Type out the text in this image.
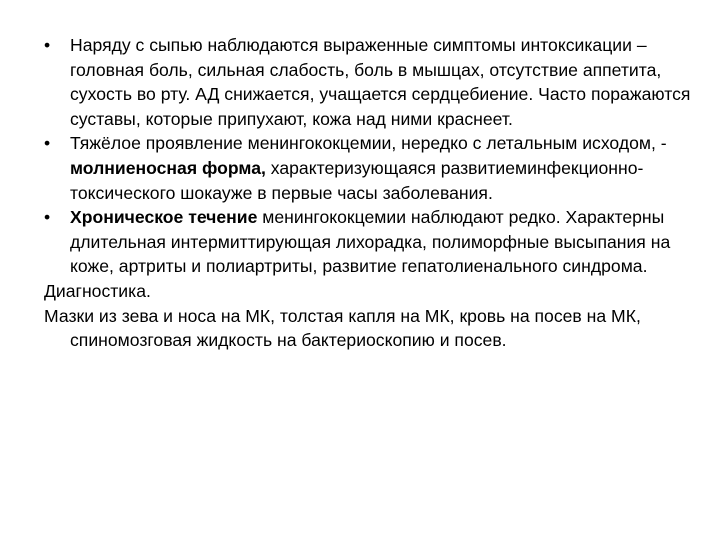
•	Наряду с сыпью наблюдаются выраженные симптомы интоксикации – головная боль, сильная слабость, боль в мышцах, отсутствие аппетита, сухость во рту. АД снижается, учащается сердцебиение. Часто поражаются суставы, которые припухают, кожа над ними краснеет.
•	Тяжёлое проявление менингококцемии, нередко с летальным исходом, - молниеносная форма, характеризующаяся развитиеминфекционно-токсического шокауже в первые часы заболевания.
•	Хроническое течение менингококцемии наблюдают редко. Характерны длительная интермиттирующая лихорадка, полиморфные высыпания на коже, артриты и полиартриты, развитие гепатолиенального синдрома.

Диагностика.

Мазки из зева и носа на МК, толстая капля на МК, кровь на посев на МК, спиномозговая жидкость на бактериоскопию и посев.
